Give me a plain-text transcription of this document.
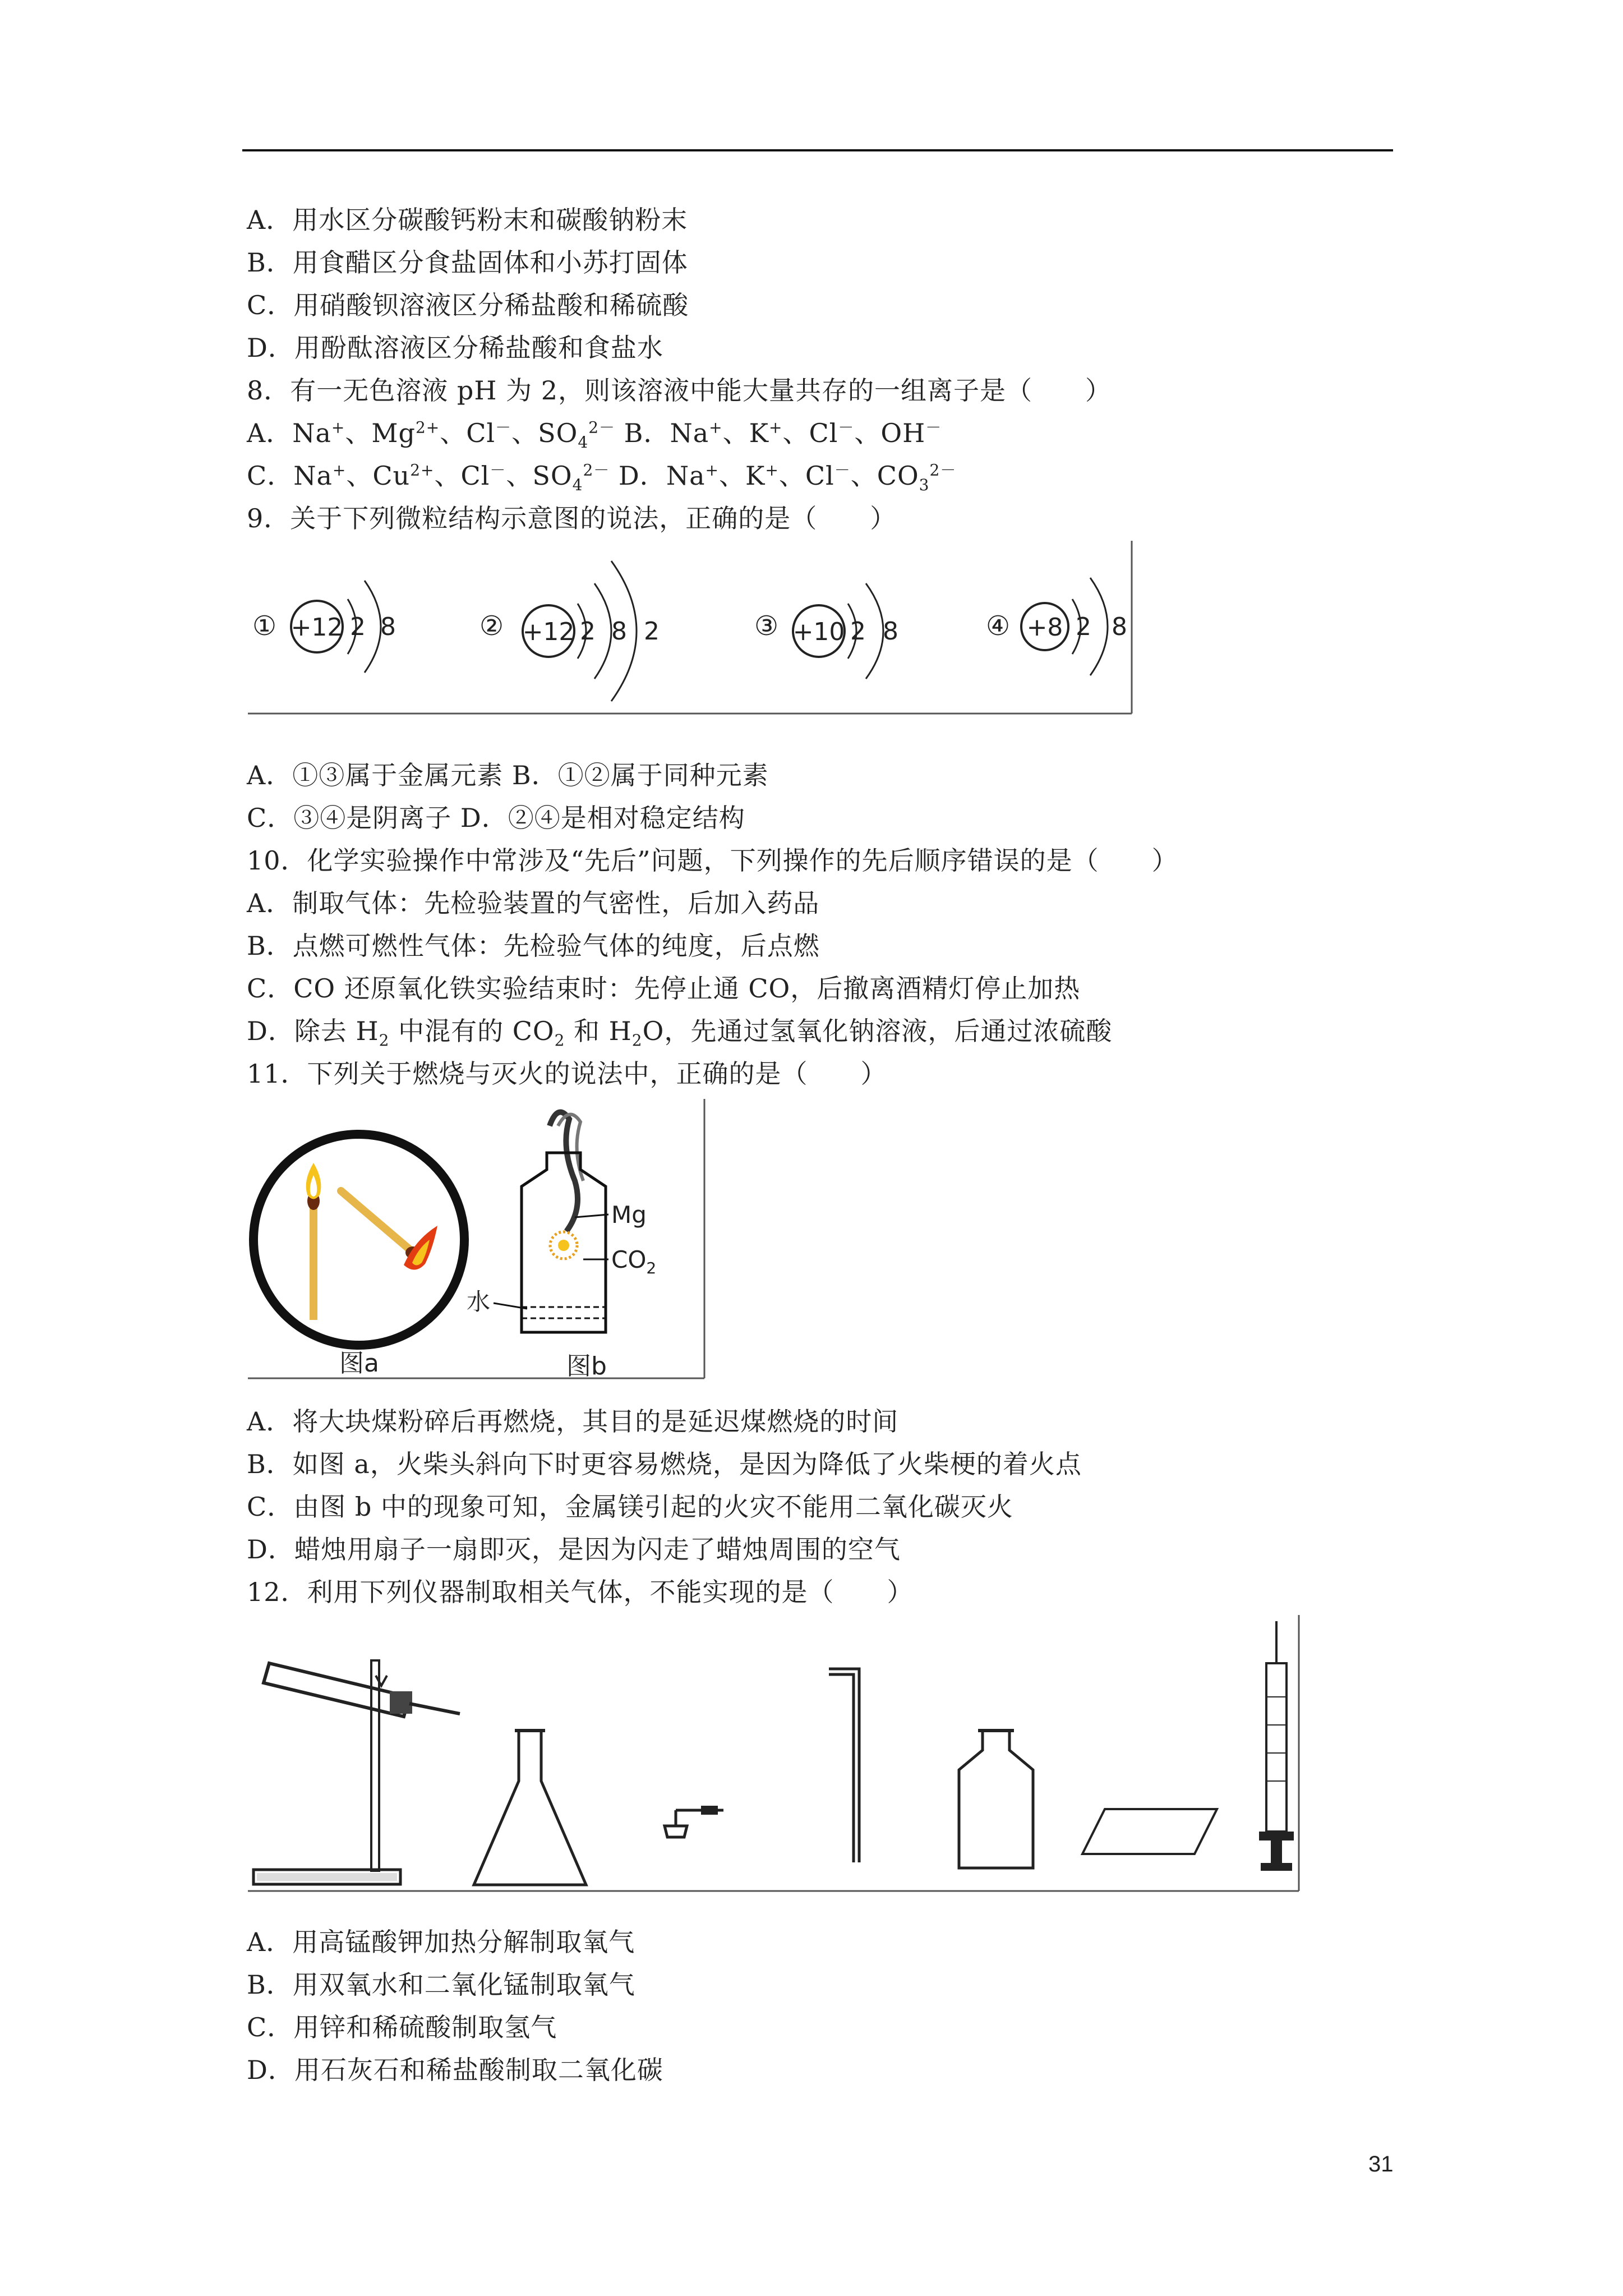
A．用水区分碳酸钙粉末和碳酸钠粉末
B．用食醋区分食盐固体和小苏打固体
C．用硝酸钡溶液区分稀盐酸和稀硫酸
D．用酚酞溶液区分稀盐酸和食盐水
8．有一无色溶液 pH 为 2，则该溶液中能大量共存的一组离子是（　　）
A．Na+、$Mg^{2+}$、Cl－、$SO_4^{2-}$ B．Na+、K+、Cl－、OH－
C．Na+、$Cu^{2+}$、Cl－、$SO_4^{2-}$ D．Na+、K+、Cl－、$CO_3^{2-}$
9．关于下列微粒结构示意图的说法，正确的是（　　）
① +12 2 8	② +12 2 8 2	③ +10 2 8	④ +8 2 8
A．①③属于金属元素 B．①②属于同种元素
C．③④是阴离子 D．②④是相对稳定结构
10．化学实验操作中常涉及“先后”问题，下列操作的先后顺序错误的是（　　）
A．制取气体：先检验装置的气密性，后加入药品
B．点燃可燃性气体：先检验气体的纯度，后点燃
C．CO 还原氧化铁实验结束时：先停止通 CO，后撤离酒精灯停止加热
D．除去 $H_2$ 中混有的 $CO_2$ 和 $H_2O$，先通过氢氧化钠溶液，后通过浓硫酸
11．下列关于燃烧与灭火的说法中，正确的是（　　）
图a
Mg
$CO_2$
水
图b
A．将大块煤粉碎后再燃烧，其目的是延迟煤燃烧的时间
B．如图 a，火柴头斜向下时更容易燃烧，是因为降低了火柴梗的着火点
C．由图 b 中的现象可知，金属镁引起的火灾不能用二氧化碳灭火
D．蜡烛用扇子一扇即灭，是因为闪走了蜡烛周围的空气
12．利用下列仪器制取相关气体，不能实现的是（　　）
A．用高锰酸钾加热分解制取氧气
B．用双氧水和二氧化锰制取氧气
C．用锌和稀硫酸制取氢气
D．用石灰石和稀盐酸制取二氧化碳
31
